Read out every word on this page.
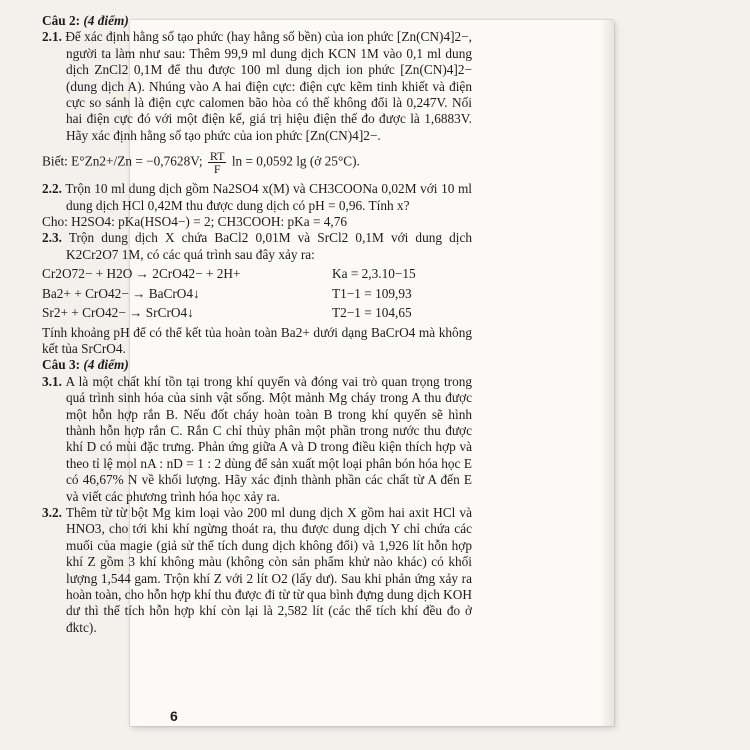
Câu 2: (4 điểm)

2.1. Để xác định hằng số tạo phức (hay hằng số bền) của ion phức [Zn(CN)4]2−, người ta làm như sau: Thêm 99,9 ml dung dịch KCN 1M vào 0,1 ml dung dịch ZnCl2 0,1M để thu được 100 ml dung dịch ion phức [Zn(CN)4]2− (dung dịch A). Nhúng vào A hai điện cực: điện cực kẽm tinh khiết và điện cực so sánh là điện cực calomen bão hòa có thế không đổi là 0,247V. Nối hai điện cực đó với một điện kế, giá trị hiệu điện thế đo được là 1,6883V. Hãy xác định hằng số tạo phức của ion phức [Zn(CN)4]2−.

Biết: E°Zn2+/Zn = −0,7628V; $\frac{RT}{F}$ ln = 0,0592 lg (ở 25°C).

2.2. Trộn 10 ml dung dịch gồm Na2SO4 x(M) và CH3COONa 0,02M với 10 ml dung dịch HCl 0,42M thu được dung dịch có pH = 0,96. Tính x?

Cho: H2SO4: pKa(HSO4−) = 2; CH3COOH: pKa = 4,76

2.3. Trộn dung dịch X chứa BaCl2 0,01M và SrCl2 0,1M với dung dịch K2Cr2O7 1M, có các quá trình sau đây xảy ra:

Cr2O72− + H2O → 2CrO42− + 2H+	Ka = 2,3.10−15
Ba2+ + CrO42− → BaCrO4↓	T1−1 = 109,93
Sr2+ + CrO42− → SrCrO4↓	T2−1 = 104,65

Tính khoảng pH để có thể kết tủa hoàn toàn Ba2+ dưới dạng BaCrO4 mà không kết tủa SrCrO4.

Câu 3: (4 điểm)

3.1. A là một chất khí tồn tại trong khí quyển và đóng vai trò quan trọng trong quá trình sinh hóa của sinh vật sống. Một mảnh Mg cháy trong A thu được một hỗn hợp rắn B. Nếu đốt cháy hoàn toàn B trong khí quyển sẽ hình thành hỗn hợp rắn C. Rắn C chỉ thủy phân một phần trong nước thu được khí D có mùi đặc trưng. Phản ứng giữa A và D trong điều kiện thích hợp và theo tỉ lệ mol nA : nD = 1 : 2 dùng để sản xuất một loại phân bón hóa học E có 46,67% N về khối lượng. Hãy xác định thành phần các chất từ A đến E và viết các phương trình hóa học xảy ra.

3.2. Thêm từ từ bột Mg kim loại vào 200 ml dung dịch X gồm hai axit HCl và HNO3, cho tới khi khí ngừng thoát ra, thu được dung dịch Y chỉ chứa các muối của magie (giả sử thể tích dung dịch không đổi) và 1,926 lít hỗn hợp khí Z gồm 3 khí không màu (không còn sản phẩm khử nào khác) có khối lượng 1,544 gam. Trộn khí Z với 2 lít O2 (lấy dư). Sau khi phản ứng xảy ra hoàn toàn, cho hỗn hợp khí thu được đi từ từ qua bình đựng dung dịch KOH dư thì thể tích hỗn hợp khí còn lại là 2,582 lít (các thể tích khí đều đo ở đktc).

6
